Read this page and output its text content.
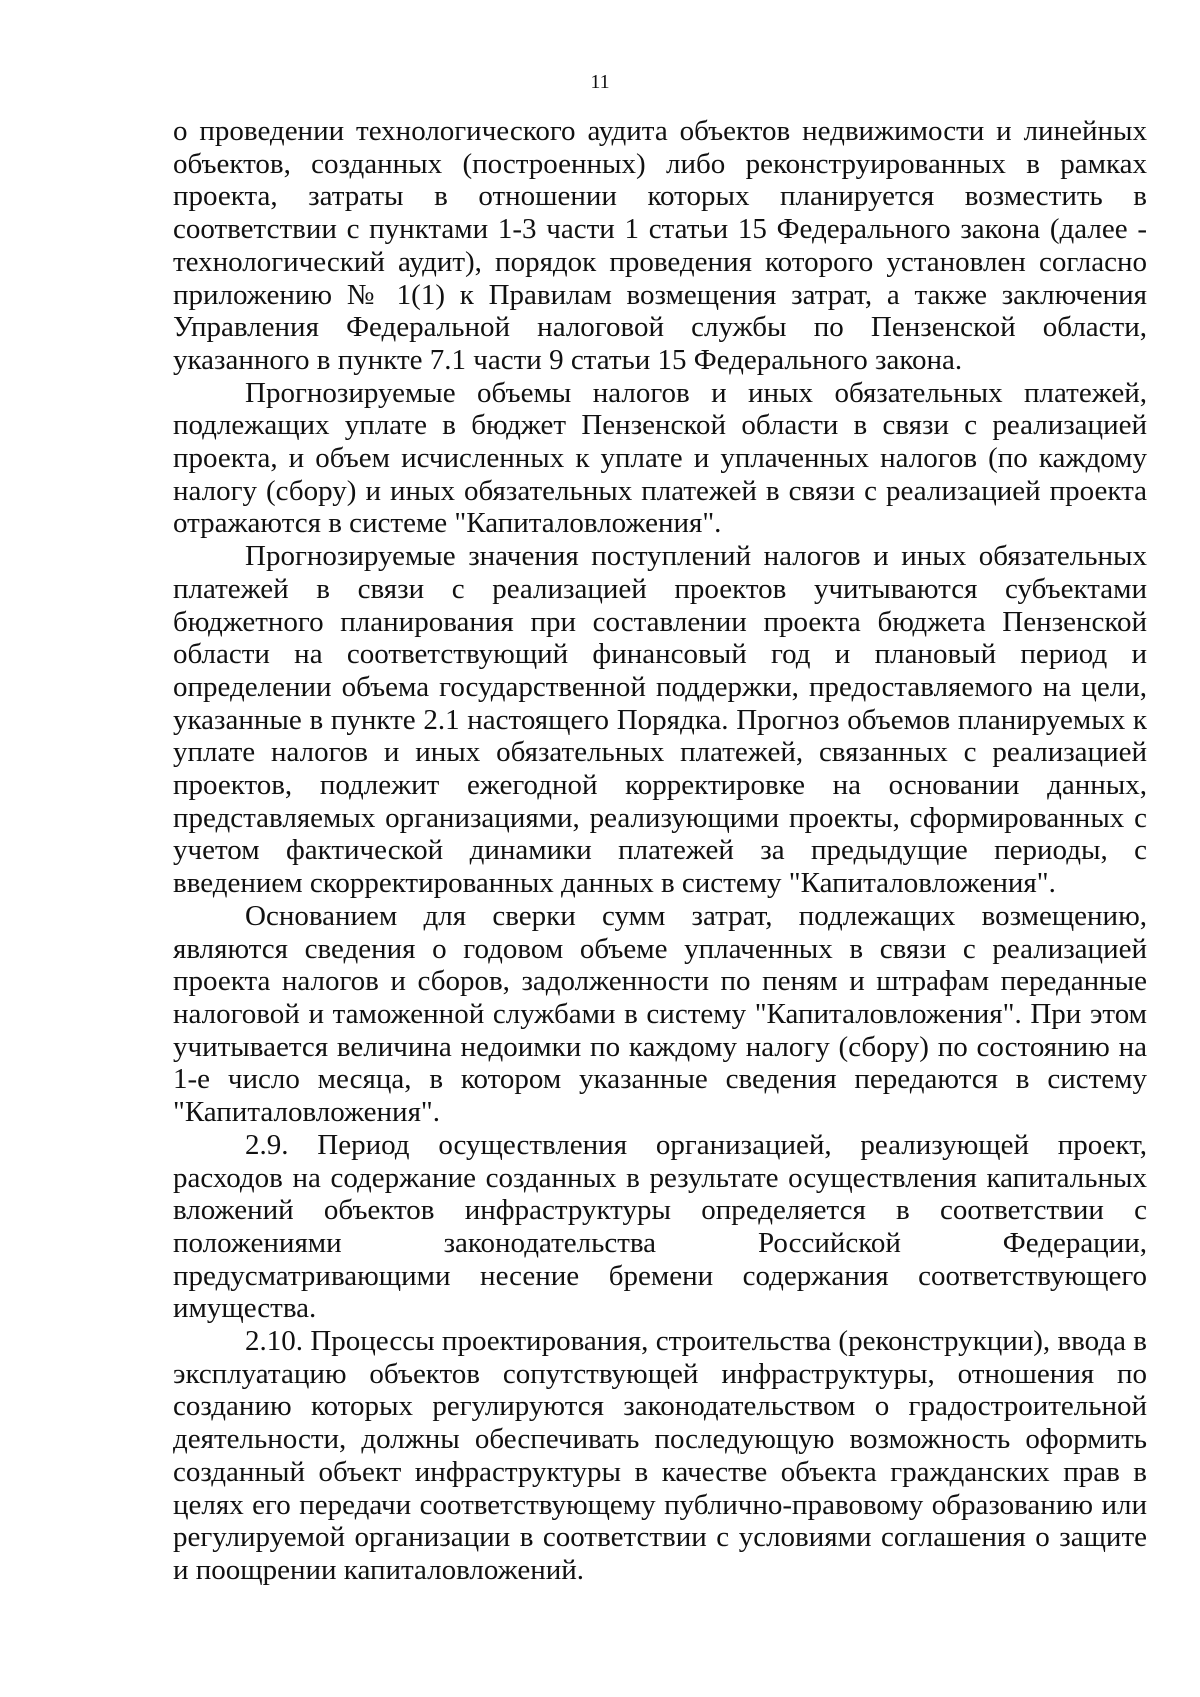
11

о проведении технологического аудита объектов недвижимости и линейных объектов, созданных (построенных) либо реконструированных в рамках проекта, затраты в отношении которых планируется возместить в соответствии с пунктами 1-3 части 1 статьи 15 Федерального закона (далее - технологический аудит), порядок проведения которого установлен согласно приложению № 1(1) к Правилам возмещения затрат, а также заключения Управления Федеральной налоговой службы по Пензенской области, указанного в пункте 7.1 части 9 статьи 15 Федерального закона.

Прогнозируемые объемы налогов и иных обязательных платежей, подлежащих уплате в бюджет Пензенской области в связи с реализацией проекта, и объем исчисленных к уплате и уплаченных налогов (по каждому налогу (сбору) и иных обязательных платежей в связи с реализацией проекта отражаются в системе "Капиталовложения".

Прогнозируемые значения поступлений налогов и иных обязательных платежей в связи с реализацией проектов учитываются субъектами бюджетного планирования при составлении проекта бюджета Пензенской области на соответствующий финансовый год и плановый период и определении объема государственной поддержки, предоставляемого на цели, указанные в пункте 2.1 настоящего Порядка. Прогноз объемов планируемых к уплате налогов и иных обязательных платежей, связанных с реализацией проектов, подлежит ежегодной корректировке на основании данных, представляемых организациями, реализующими проекты, сформированных с учетом фактической динамики платежей за предыдущие периоды, с введением скорректированных данных в систему "Капиталовложения".

Основанием для сверки сумм затрат, подлежащих возмещению, являются сведения о годовом объеме уплаченных в связи с реализацией проекта налогов и сборов, задолженности по пеням и штрафам переданные налоговой и таможенной службами в систему "Капиталовложения". При этом учитывается величина недоимки по каждому налогу (сбору) по состоянию на 1-е число месяца, в котором указанные сведения передаются в систему "Капиталовложения".

2.9. Период осуществления организацией, реализующей проект, расходов на содержание созданных в результате осуществления капитальных вложений объектов инфраструктуры определяется в соответствии с положениями законодательства Российской Федерации, предусматривающими несение бремени содержания соответствующего имущества.

2.10. Процессы проектирования, строительства (реконструкции), ввода в эксплуатацию объектов сопутствующей инфраструктуры, отношения по созданию которых регулируются законодательством о градостроительной деятельности, должны обеспечивать последующую возможность оформить созданный объект инфраструктуры в качестве объекта гражданских прав в целях его передачи соответствующему публично-правовому образованию или регулируемой организации в соответствии с условиями соглашения о защите и поощрении капиталовложений.
